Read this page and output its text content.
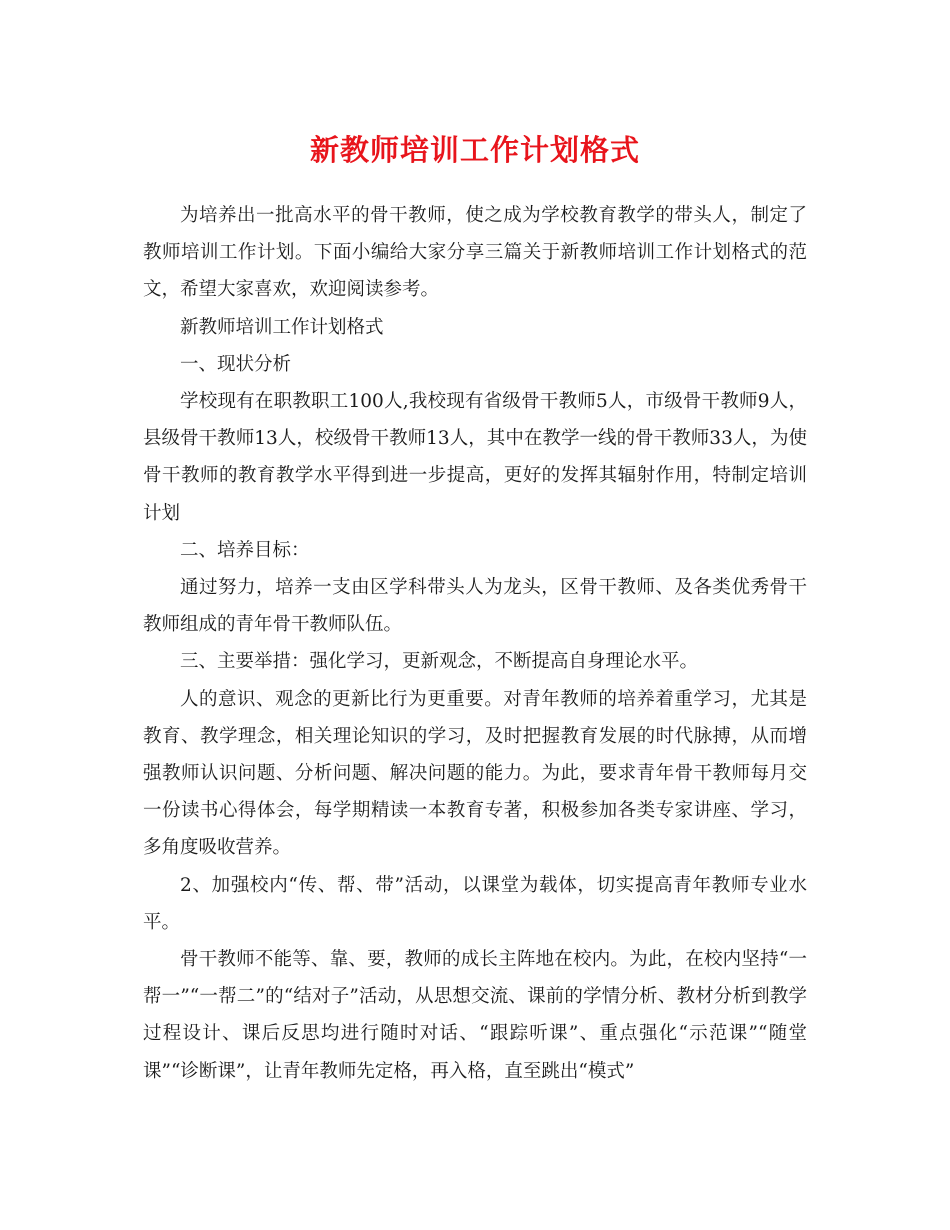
新教师培训工作计划格式

为培养出一批高水平的骨干教师，使之成为学校教育教学的带头人，制定了教师培训工作计划。下面小编给大家分享三篇关于新教师培训工作计划格式的范文，希望大家喜欢，欢迎阅读参考。

新教师培训工作计划格式

一、现状分析

学校现有在职教职工100人,我校现有省级骨干教师5人，市级骨干教师9人，县级骨干教师13人，校级骨干教师13人，其中在教学一线的骨干教师33人，为使骨干教师的教育教学水平得到进一步提高，更好的发挥其辐射作用，特制定培训计划

二、培养目标：

通过努力，培养一支由区学科带头人为龙头，区骨干教师、及各类优秀骨干教师组成的青年骨干教师队伍。

三、主要举措：强化学习，更新观念，不断提高自身理论水平。

人的意识、观念的更新比行为更重要。对青年教师的培养着重学习，尤其是教育、教学理念，相关理论知识的学习，及时把握教育发展的时代脉搏，从而增强教师认识问题、分析问题、解决问题的能力。为此，要求青年骨干教师每月交一份读书心得体会，每学期精读一本教育专著，积极参加各类专家讲座、学习，多角度吸收营养。

2、加强校内“传、帮、带”活动，以课堂为载体，切实提高青年教师专业水平。

骨干教师不能等、靠、要，教师的成长主阵地在校内。为此，在校内坚持“一帮一”“一帮二”的“结对子”活动，从思想交流、课前的学情分析、教材分析到教学过程设计、课后反思均进行随时对话、“跟踪听课”、重点强化“示范课”“随堂课”“诊断课”，让青年教师先定格，再入格，直至跳出“模式”
